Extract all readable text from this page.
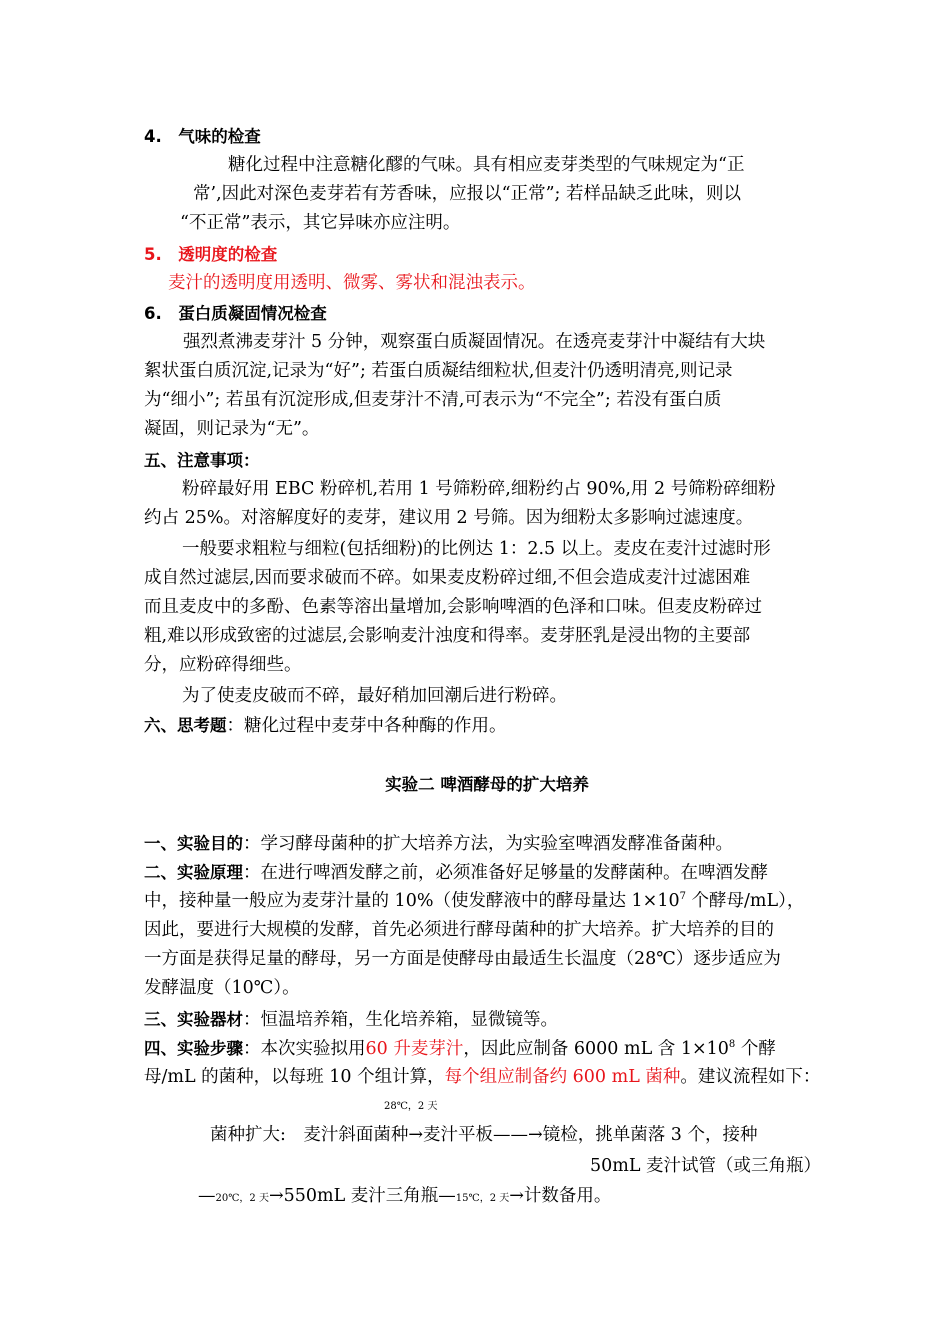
4.　气味的检查
糖化过程中注意糖化醪的气味。具有相应麦芽类型的气味规定为“正
常’,因此对深色麦芽若有芳香味，应报以“正常”; 若样品缺乏此味，则以
“不正常”表示，其它异味亦应注明。
5.　透明度的检查
麦汁的透明度用透明、微雾、雾状和混浊表示。
6.　蛋白质凝固情况检查
强烈煮沸麦芽汁 5 分钟，观察蛋白质凝固情况。在透亮麦芽汁中凝结有大块
絮状蛋白质沉淀,记录为“好”; 若蛋白质凝结细粒状,但麦汁仍透明清亮,则记录
为“细小”; 若虽有沉淀形成,但麦芽汁不清,可表示为“不完全”; 若没有蛋白质
凝固，则记录为“无”。
五、注意事项：
粉碎最好用 EBC 粉碎机,若用 1 号筛粉碎,细粉约占 90%,用 2 号筛粉碎细粉
约占 25%。对溶解度好的麦芽，建议用 2 号筛。因为细粉太多影响过滤速度。
一般要求粗粒与细粒(包括细粉)的比例达 1：2.5 以上。麦皮在麦汁过滤时形
成自然过滤层,因而要求破而不碎。如果麦皮粉碎过细,不但会造成麦汁过滤困难
而且麦皮中的多酚、色素等溶出量增加,会影响啤酒的色泽和口味。但麦皮粉碎过
粗,难以形成致密的过滤层,会影响麦汁浊度和得率。麦芽胚乳是浸出物的主要部
分，应粉碎得细些。
为了使麦皮破而不碎，最好稍加回潮后进行粉碎。
六、思考题：糖化过程中麦芽中各种酶的作用。
实验二 啤酒酵母的扩大培养
一、实验目的：学习酵母菌种的扩大培养方法，为实验室啤酒发酵准备菌种。
二、实验原理：在进行啤酒发酵之前，必须准备好足够量的发酵菌种。在啤酒发酵
中，接种量一般应为麦芽汁量的 10%（使发酵液中的酵母量达 $1\times 10^7$ 个酵母/mL），
因此，要进行大规模的发酵，首先必须进行酵母菌种的扩大培养。扩大培养的目的
一方面是获得足量的酵母，另一方面是使酵母由最适生长温度（28℃）逐步适应为
发酵温度（10℃）。
三、实验器材：恒温培养箱，生化培养箱，显微镜等。
四、实验步骤：本次实验拟用60 升麦芽汁，因此应制备 6000 mL 含 $1\times 10^8$ 个酵
母/mL 的菌种，以每班 10 个组计算，每个组应制备约 600 mL 菌种。建议流程如下：
28℃，2 天
菌种扩大:　麦汁斜面菌种→麦汁平板——→镜检，挑单菌落 3 个，接种
50mL 麦汁试管（或三角瓶）
—20℃，2 天→550mL 麦汁三角瓶—15℃，2 天→计数备用。
